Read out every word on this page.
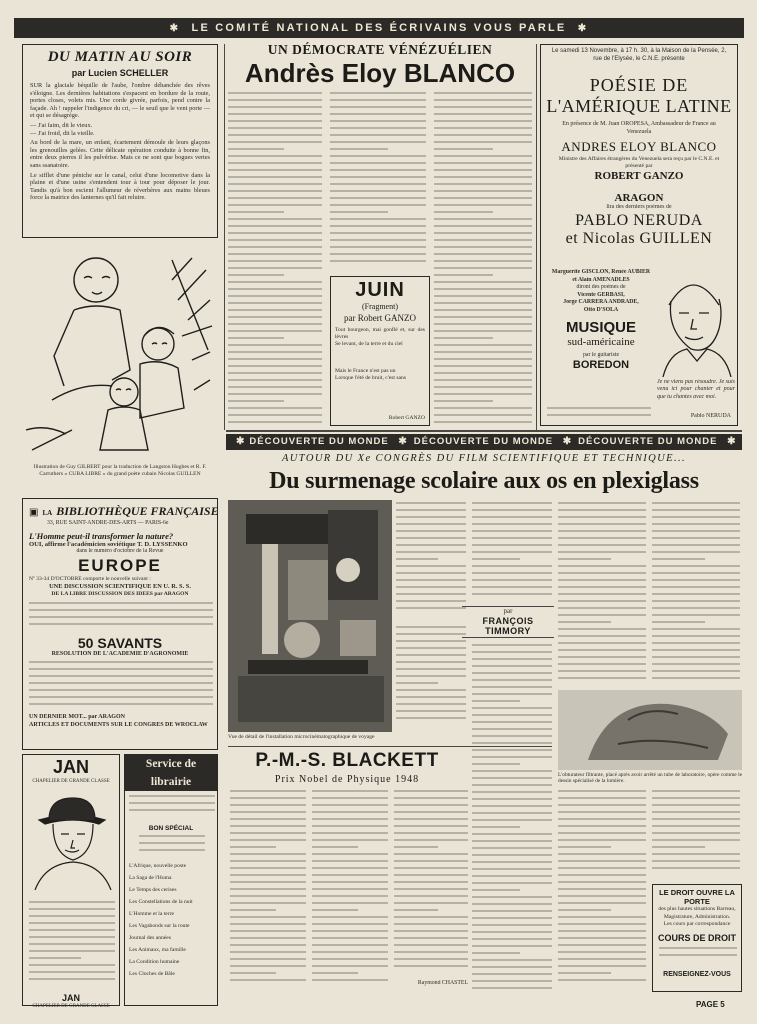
✱ LE COMITÉ NATIONAL DES ÉCRIVAINS VOUS PARLE ✱
DU MATIN AU SOIR
par Lucien SCHELLER

SUR la glaciale béquille de l'aube, l'ombre déhanchée des rêves s'éloigne. Les dernières habitations s'espacent en bordure de la route, portes closes, volets mis. Une corde givrée, parfois, pend contre la façade. Ah ! rappeler l'indigence du cri, — le seuil que le vent porte — et qui se désagrège.

— J'ai faim, dit le vieux.

— J'ai froid, dit la vieille.

Au bord de la mare, un enfant, écartement démoule de leurs glaçons les grenouilles gelées. Cette délicate opération conduite à bonne fin, entre deux pierres il les pulvérise. Mais ce ne sont que bogues vertes sans ssanatoire.

Le sifflet d'une péniche sur le canal, celui d'une locomotive dans la plaine et d'une usine s'entendent tour à tour pour déposer le jour. Tandis qu'à bon escient l'allumeur de réverbères aux mains bleues force la matrice des lanternes qu'il fait reluire.

Illustration de Guy GILBERT pour la traduction de Langston Hughes et R. F. Carruthers « CUBA LIBRE » du grand poète cubain Nicolas GUILLEN
UN DÉMOCRATE VÉNÉZUÉLIEN
Andrès Eloy BLANCO
JUIN
(Fragment)
par Robert GANZO

Tout bourgeon, mai gonflé et, sur des lèvres

Se levant, de la terre et du ciel

Mais le France n'est pas un

Lorsque l'été de bruit, c'est sans

Robert GANZO
Le samedi 13 Novembre, à 17 h. 30, à la Maison de la Pensée, 2, rue de l'Elysée, le C.N.E. présente
POÉSIE DE
L'AMÉRIQUE LATINE
En présence de M. Juan OROPESA, Ambassadeur de France au Venezuela
ANDRES ELOY BLANCO
Ministre des Affaires étrangères du Venezuela sera reçu par le C.N.E. et présenté par
ROBERT GANZO
ARAGON
lira des derniers poèmes de
PABLO NERUDA
et Nicolas GUILLEN
Marguerite GISCLON, Renée AUBIER
et Alain AMENADLES
diront des poèmes de
Vicente GERBASI,
Jorge CARRERA ANDRADE,
Otto D'SOLA
MUSIQUE
sud-américaine
par le guitariste
BOREDON
Je ne viens pas résoudre. Je suis venu ici pour chanter et pour que tu chantes avec moi.
Pablo NERUDA
✱ DÉCOUVERTE DU MONDE ✱ DÉCOUVERTE DU MONDE ✱ DÉCOUVERTE DU MONDE ✱
AUTOUR DU Xe CONGRÈS DU FILM SCIENTIFIQUE ET TECHNIQUE...
Du surmenage scolaire aux os en plexiglass
Vue de détail de l'installation microcinématographique de voyage
par
FRANÇOIS TIMMORY
L'obturateur filtrante, placé après avoir arrêté un tube de laboratoire, opère comme le dessin spécialisé de la lumière.
LE DROIT OUVRE LA PORTE
des plus hautes situations Barreau,
Magistrature, Administration.
Les cours par correspondance
COURS DE DROIT
RENSEIGNEZ-VOUS
PAGE 5
P.-M.-S. BLACKETT
Prix Nobel de Physique 1948
Raymond CHASTEL
▣ LA BIBLIOTHÈQUE FRANÇAISE
33, RUE SAINT-ANDRÉ-DES-ARTS — PARIS-6e
L'Homme peut-il transformer la nature?
OUI, affirme l'académicien soviétique T. D. LYSSENKO
dans le numéro d'octobre de la Revue
EUROPE
Nº 33-34 D'OCTOBRE comporte le nouvelle suivant :
UNE DISCUSSION SCIENTIFIQUE EN U. R. S. S.
DE LA LIBRE DISCUSSION DES IDÉES par ARAGON
50 SAVANTS
RÉSOLUTION DE L'ACADÉMIE D'AGRONOMIE
UN DERNIER MOT... par ARAGON
ARTICLES ET DOCUMENTS SUR LE CONGRÈS DE WROCLAW
JAN
CHAPELIER DE GRANDE CLASSE
JAN
CHAPELIER DE GRANDE CLASSE
Service de librairie
BON SPÉCIAL
L'Afrique, nouvelle poste
La Saga de l'Huma
Le Temps des cerises
Les Constellations de la nuit
L'Homme et la terre
Les Vagabonds sur la route
Journal des années
Les Animaux, ma famille
La Condition humaine
Les Cloches de Bâle
